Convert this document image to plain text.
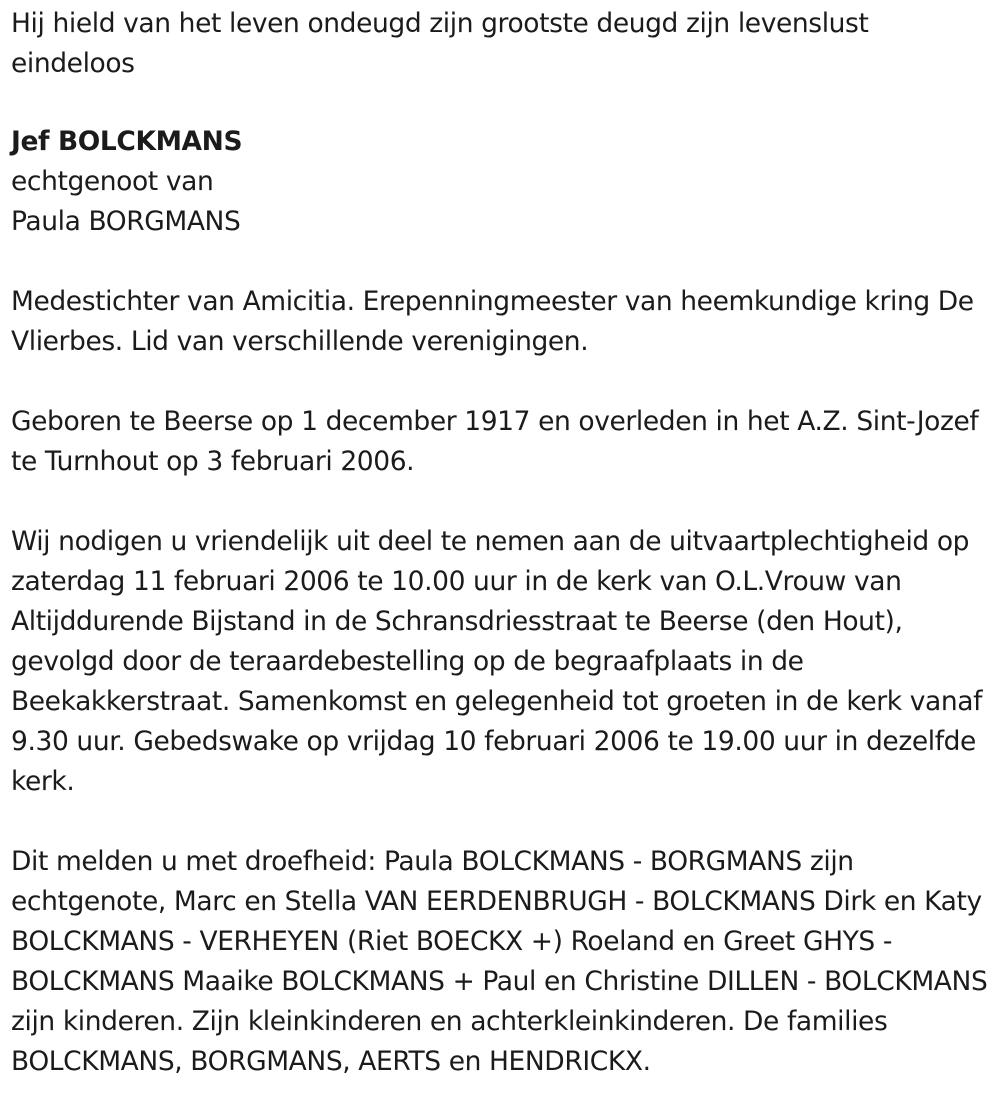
Hij hield van het leven ondeugd zijn grootste deugd zijn levenslust eindeloos

Jef BOLCKMANS

echtgenoot van

Paula BORGMANS

Medestichter van Amicitia. Erepenningmeester van heemkundige kring De Vlierbes. Lid van verschillende verenigingen.

Geboren te Beerse op 1 december 1917 en overleden in het A.Z. Sint-Jozef te Turnhout op 3 februari 2006.

Wij nodigen u vriendelijk uit deel te nemen aan de uitvaartplechtigheid op zaterdag 11 februari 2006 te 10.00 uur in de kerk van O.L.Vrouw van Altijddurende Bijstand in de Schransdriesstraat te Beerse (den Hout), gevolgd door de teraardebestelling op de begraafplaats in de Beekakkerstraat. Samenkomst en gelegenheid tot groeten in de kerk vanaf 9.30 uur. Gebedswake op vrijdag 10 februari 2006 te 19.00 uur in dezelfde kerk.

Dit melden u met droefheid: Paula BOLCKMANS - BORGMANS zijn echtgenote, Marc en Stella VAN EERDENBRUGH - BOLCKMANS Dirk en Katy BOLCKMANS - VERHEYEN (Riet BOECKX +) Roeland en Greet GHYS - BOLCKMANS Maaike BOLCKMANS + Paul en Christine DILLEN - BOLCKMANS zijn kinderen. Zijn kleinkinderen en achterkleinkinderen. De families BOLCKMANS, BORGMANS, AERTS en HENDRICKX.
